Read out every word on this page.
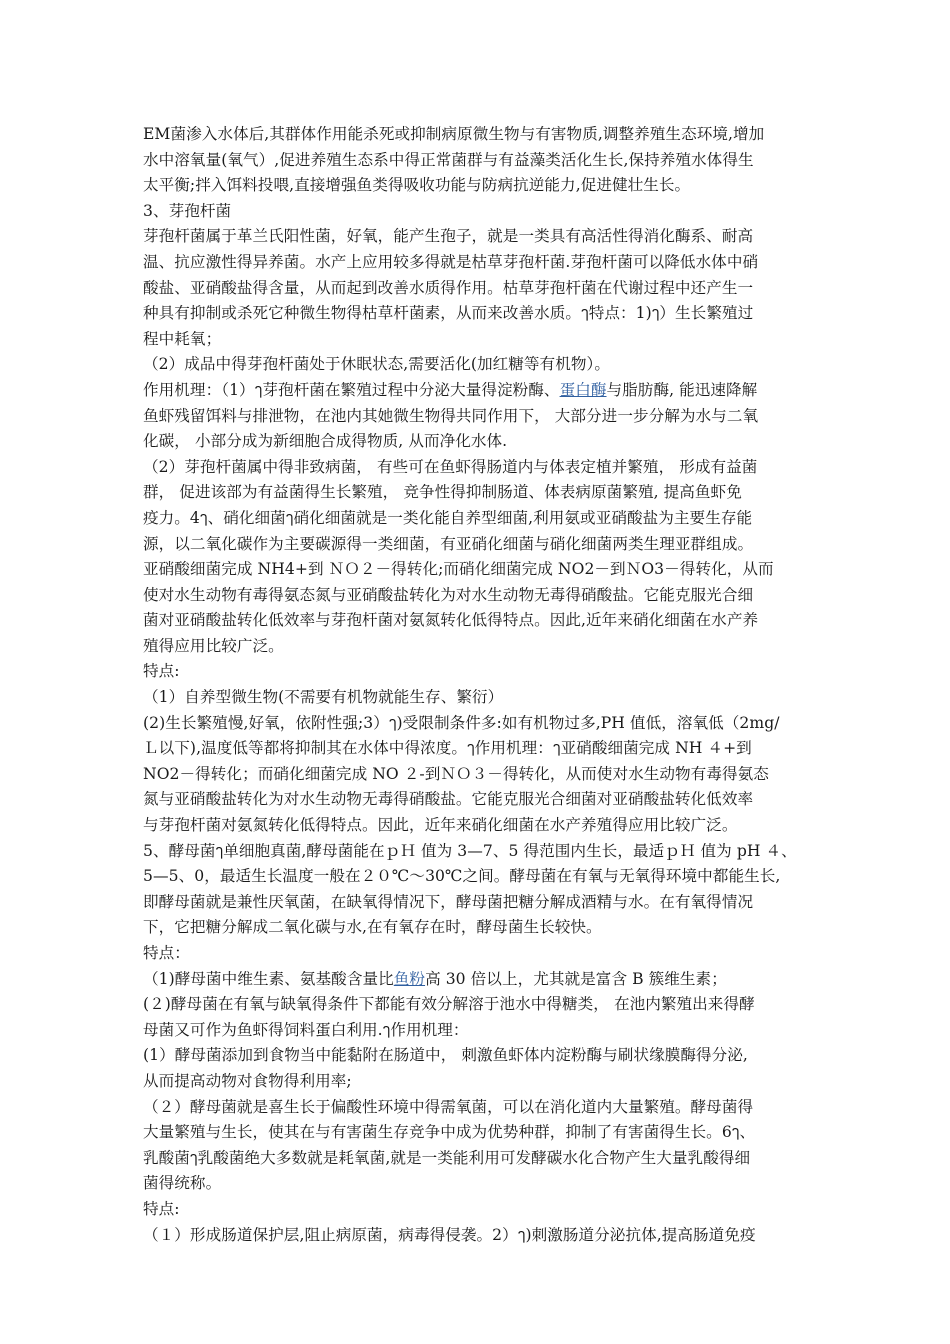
EM菌渗入水体后,其群体作用能杀死或抑制病原微生物与有害物质,调整养殖生态环境,增加
水中溶氧量(氧气）,促进养殖生态系中得正常菌群与有益藻类活化生长,保持养殖水体得生
太平衡;拌入饵料投喂,直接增强鱼类得吸收功能与防病抗逆能力,促进健壮生长。
3、芽孢杆菌
芽孢杆菌属于革兰氏阳性菌，好氧，能产生孢子，就是一类具有高活性得消化酶系、耐高
温、抗应激性得异养菌。水产上应用较多得就是枯草芽孢杆菌.芽孢杆菌可以降低水体中硝
酸盐、亚硝酸盐得含量，从而起到改善水质得作用。枯草芽孢杆菌在代谢过程中还产生一
种具有抑制或杀死它种微生物得枯草杆菌素，从而来改善水质。ๅ特点：1)ๅ）生长繁殖过
程中耗氧；
（2）成品中得芽孢杆菌处于休眠状态,需要活化(加红糖等有机物）。
作用机理：（1）ๅ芽孢杆菌在繁殖过程中分泌大量得淀粉酶、蛋白酶与脂肪酶, 能迅速降解
鱼虾残留饵料与排泄物，在池内其她微生物得共同作用下， 大部分进一步分解为水与二氧
化碳， 小部分成为新细胞合成得物质, 从而净化水体.
（2）芽孢杆菌属中得非致病菌， 有些可在鱼虾得肠道内与体表定植并繁殖， 形成有益菌
群， 促进该部为有益菌得生长繁殖， 竞争性得抑制肠道、体表病原菌繁殖, 提高鱼虾免
疫力。4ๅ、硝化细菌ๅ硝化细菌就是一类化能自养型细菌,利用氨或亚硝酸盐为主要生存能
源，以二氧化碳作为主要碳源得一类细菌，有亚硝化细菌与硝化细菌两类生理亚群组成。
亚硝酸细菌完成 NH4+到 ＮＯ２－得转化;而硝化细菌完成 NO2－到ＮO3－得转化，从而
使对水生动物有毒得氨态氮与亚硝酸盐转化为对水生动物无毒得硝酸盐。它能克服光合细
菌对亚硝酸盐转化低效率与芽孢杆菌对氨氮转化低得特点。因此,近年来硝化细菌在水产养
殖得应用比较广泛。
特点:
（1）自养型微生物(不需要有机物就能生存、繁衍）
(2)生长繁殖慢,好氧，依附性强;3）ๅ)受限制条件多:如有机物过多,PH 值低，溶氧低（2mg/
Ｌ以下),温度低等都将抑制其在水体中得浓度。ๅ作用机理：ๅ亚硝酸细菌完成 NH ４+到
NO2－得转化；而硝化细菌完成 NO ２-到ＮＯ３－得转化，从而使对水生动物有毒得氨态
氮与亚硝酸盐转化为对水生动物无毒得硝酸盐。它能克服光合细菌对亚硝酸盐转化低效率
与芽孢杆菌对氨氮转化低得特点。因此，近年来硝化细菌在水产养殖得应用比较广泛。
5、酵母菌ๅ单细胞真菌,酵母菌能在ｐＨ 值为 3—7、5 得范围内生长，最适ｐＨ 值为 pH ４、
5—5、0，最适生长温度一般在２０℃～30℃之间。酵母菌在有氧与无氧得环境中都能生长,
即酵母菌就是兼性厌氧菌，在缺氧得情况下，酵母菌把糖分解成酒精与水。在有氧得情况
下，它把糖分解成二氧化碳与水,在有氧存在时，酵母菌生长较快。
特点：
（1)酵母菌中维生素、氨基酸含量比鱼粉高 30 倍以上，尤其就是富含 B 簇维生素；
(２)酵母菌在有氧与缺氧得条件下都能有效分解溶于池水中得糖类， 在池内繁殖出来得酵
母菌又可作为鱼虾得饲料蛋白利用.ๅ作用机理：
(1）酵母菌添加到食物当中能黏附在肠道中， 刺激鱼虾体内淀粉酶与刷状缘膜酶得分泌,
从而提高动物对食物得利用率;
（２）酵母菌就是喜生长于偏酸性环境中得需氧菌，可以在消化道内大量繁殖。酵母菌得
大量繁殖与生长，使其在与有害菌生存竞争中成为优势种群，抑制了有害菌得生长。6ๅ、
乳酸菌ๅ乳酸菌绝大多数就是耗氧菌,就是一类能利用可发酵碳水化合物产生大量乳酸得细
菌得统称。
特点:
（１）形成肠道保护层,阻止病原菌，病毒得侵袭。2）ๅ)刺激肠道分泌抗体,提高肠道免疫
